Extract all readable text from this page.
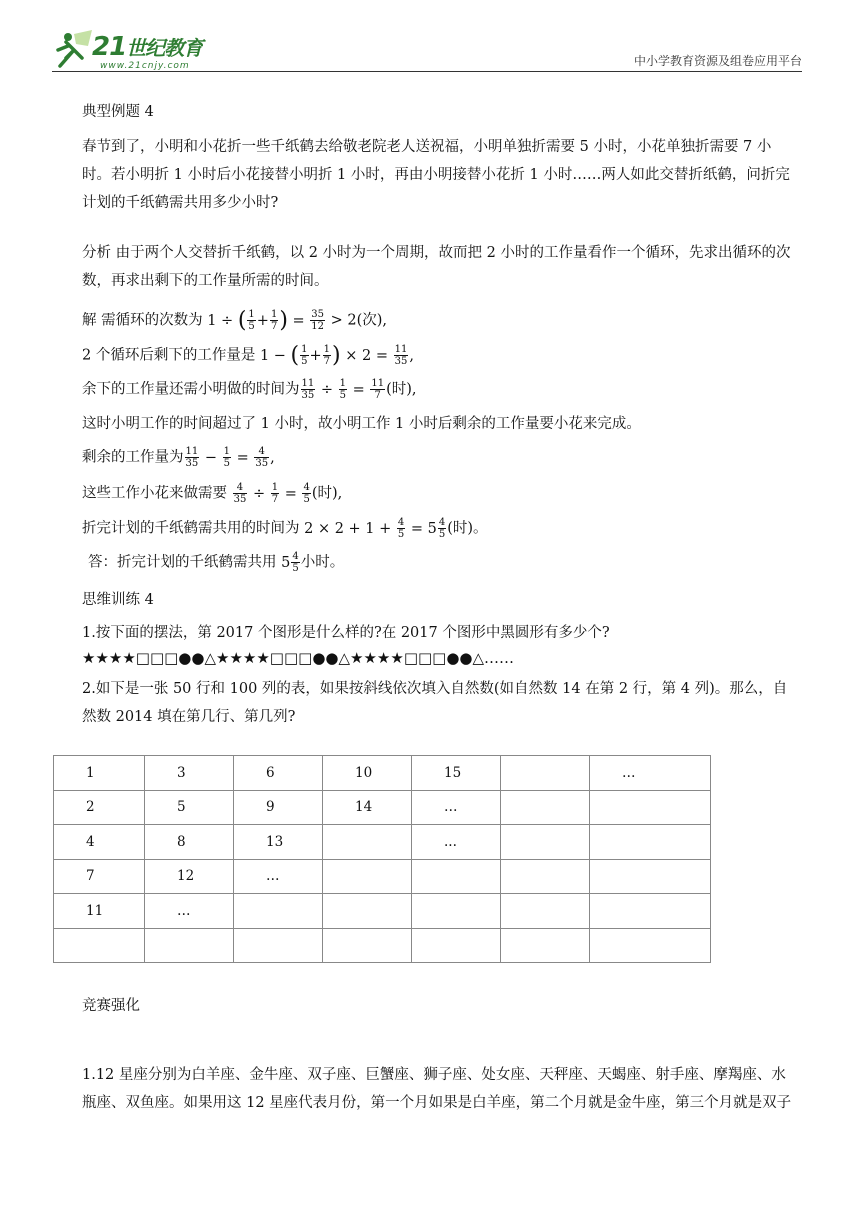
21世纪教育
www.21cnjy.com	中小学教育资源及组卷应用平台
典型例题 4
春节到了，小明和小花折一些千纸鹤去给敬老院老人送祝福，小明单独折需要 5 小时，小花单独折需要 7 小时。若小明折 1 小时后小花接替小明折 1 小时，再由小明接替小花折 1 小时……两人如此交替折纸鹤，问折完计划的千纸鹤需共用多少小时?
分析 由于两个人交替折千纸鹤，以 2 小时为一个周期，故而把 2 小时的工作量看作一个循环，先求出循环的次数，再求出剩下的工作量所需的时间。
解 需循环的次数为 1 ÷ ( $\frac{1}{5} + \frac{1}{7}$ ) = $\frac{35}{12} > 2$(次),
2 个循环后剩下的工作量是 1 − ( $\frac{1}{5} + \frac{1}{7}$ ) × $2 = \frac{11}{35}$ ,
余下的工作量还需小明做的时间为 $\frac{11}{35} \div \frac{1}{5} = \frac{11}{7}$ (时),
这时小明工作的时间超过了 1 小时，故小明工作 1 小时后剩余的工作量要小花来完成。
剩余的工作量为 $\frac{11}{35} - \frac{1}{5} = \frac{4}{35}$ ,
这些工作小花来做需要 $\frac{4}{35} \div \frac{1}{7} = \frac{4}{5}$ (时),
折完计划的千纸鹤需共用的时间为 $2 \times 2 + 1 + \frac{4}{5} = 5 \frac{4}{5}$ (时)。
答：折完计划的千纸鹤需共用 $5 \frac{4}{5}$ 小时。
思维训练 4
1.按下面的摆法，第 2017 个图形是什么样的?在 2017 个图形中黑圆形有多少个?
★★★★□□□●●△★★★★□□□●●△★★★★□□□●●△……
2.如下是一张 50 行和 100 列的表，如果按斜线依次填入自然数(如自然数 14 在第 2 行，第 4 列)。那么，自然数 2014 填在第几行、第几列?
1	3	6	10	15		…
2	5	9	14	…		
4	8	13		...		
7	12	…				
11	…					

竞赛强化
1.12 星座分别为白羊座、金牛座、双子座、巨蟹座、狮子座、处女座、天秤座、天蝎座、射手座、摩羯座、水瓶座、双鱼座。如果用这 12 星座代表月份，第一个月如果是白羊座，第二个月就是金牛座，第三个月就是双子
